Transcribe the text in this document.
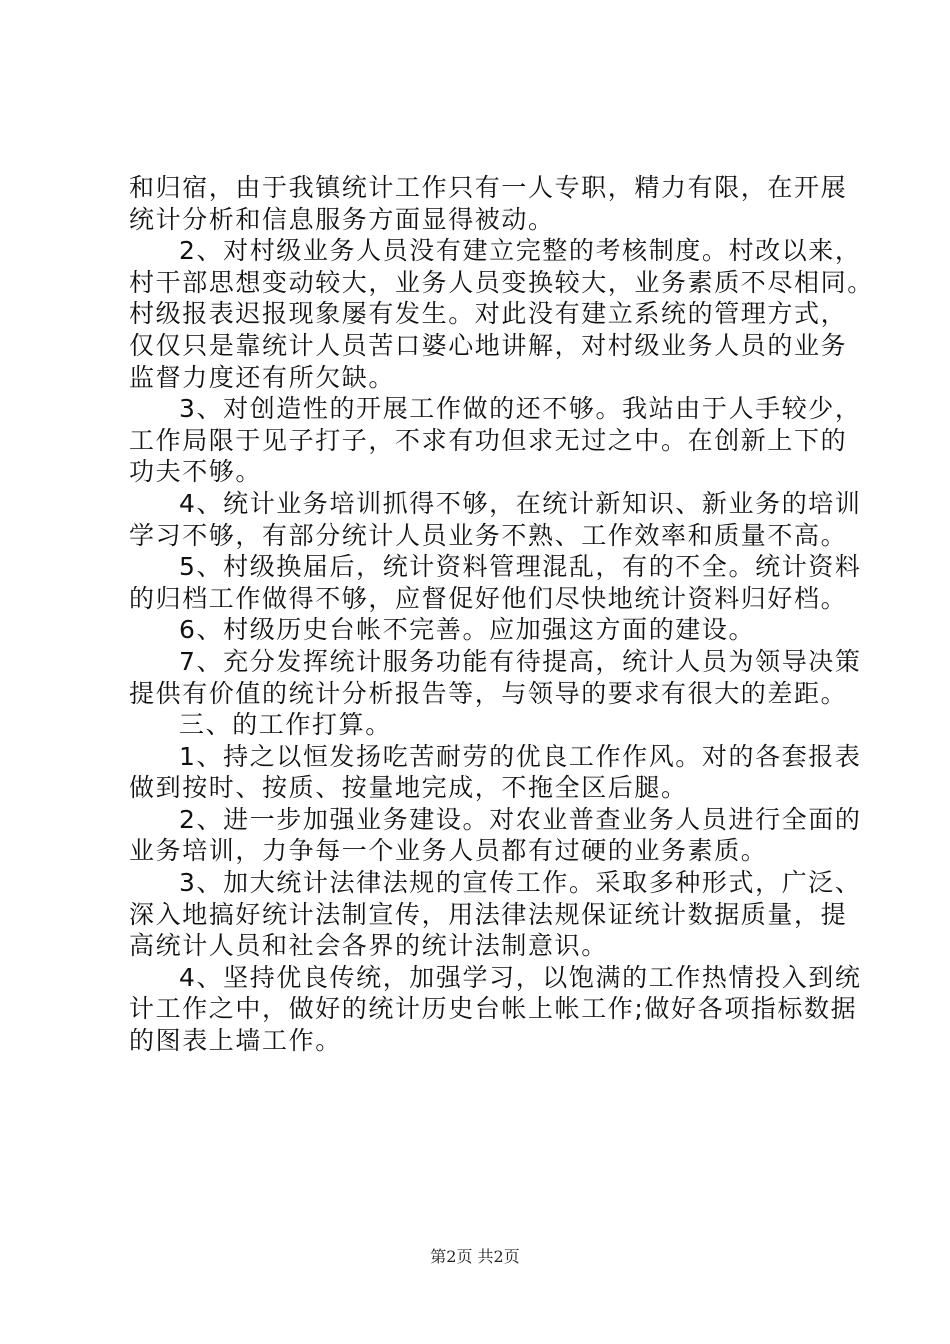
和归宿，由于我镇统计工作只有一人专职，精力有限，在开展
统计分析和信息服务方面显得被动。
2、对村级业务人员没有建立完整的考核制度。村改以来，
村干部思想变动较大，业务人员变换较大，业务素质不尽相同。
村级报表迟报现象屡有发生。对此没有建立系统的管理方式，
仅仅只是靠统计人员苦口婆心地讲解，对村级业务人员的业务
监督力度还有所欠缺。
3、对创造性的开展工作做的还不够。我站由于人手较少，
工作局限于见子打子，不求有功但求无过之中。在创新上下的
功夫不够。
4、统计业务培训抓得不够，在统计新知识、新业务的培训
学习不够，有部分统计人员业务不熟、工作效率和质量不高。
5、村级换届后，统计资料管理混乱，有的不全。统计资料
的归档工作做得不够，应督促好他们尽快地统计资料归好档。
6、村级历史台帐不完善。应加强这方面的建设。
7、充分发挥统计服务功能有待提高，统计人员为领导决策
提供有价值的统计分析报告等，与领导的要求有很大的差距。
三、的工作打算。
1、持之以恒发扬吃苦耐劳的优良工作作风。对的各套报表
做到按时、按质、按量地完成，不拖全区后腿。
2、进一步加强业务建设。对农业普查业务人员进行全面的
业务培训，力争每一个业务人员都有过硬的业务素质。
3、加大统计法律法规的宣传工作。采取多种形式，广泛、
深入地搞好统计法制宣传，用法律法规保证统计数据质量，提
高统计人员和社会各界的统计法制意识。
4、坚持优良传统，加强学习，以饱满的工作热情投入到统
计工作之中，做好的统计历史台帐上帐工作;做好各项指标数据
的图表上墙工作。
第2页 共2页
